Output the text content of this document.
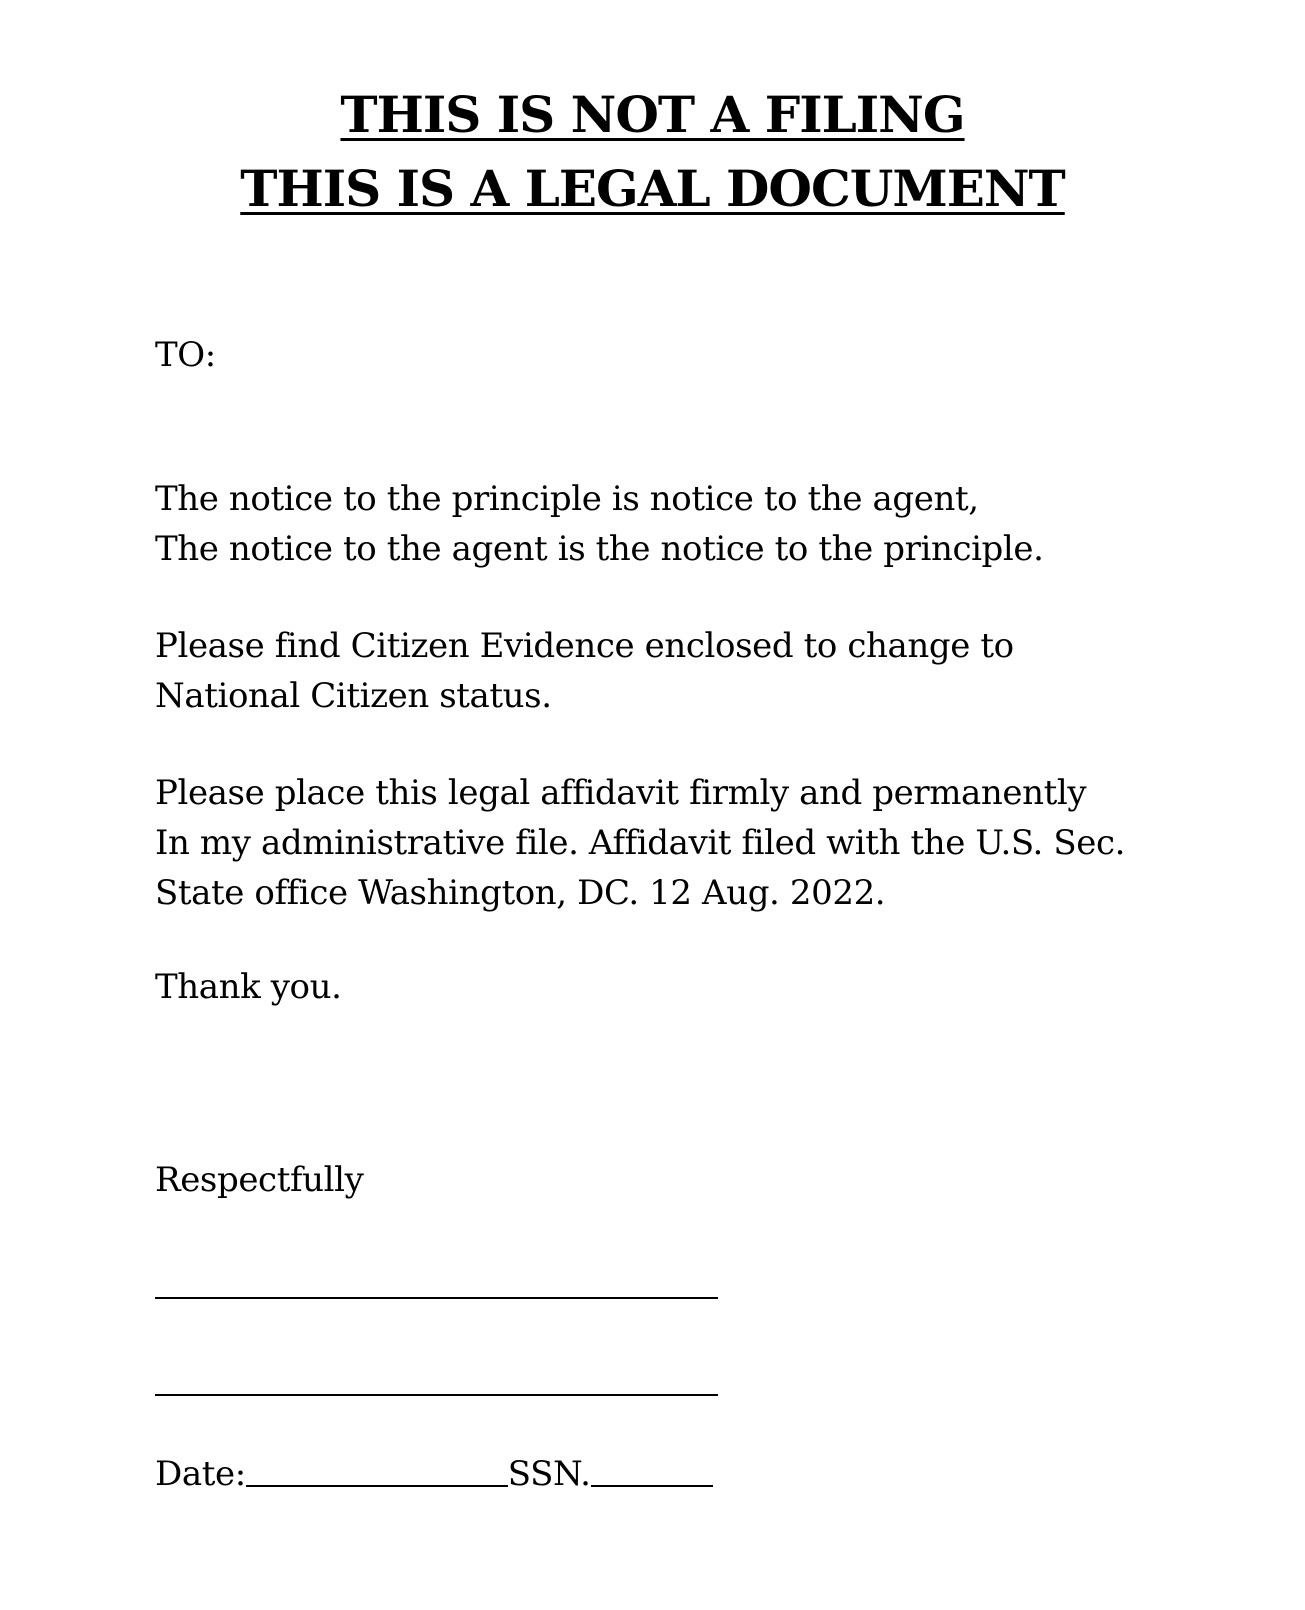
THIS IS NOT A FILING
THIS IS A LEGAL DOCUMENT
TO:
The notice to the principle is notice to the agent,
The notice to the agent is the notice to the principle.
Please find Citizen Evidence enclosed to change to
National Citizen status.
Please place this legal affidavit firmly and permanently
In my administrative file. Affidavit filed with the U.S. Sec.
State office Washington, DC. 12 Aug. 2022.
Thank you.
Respectfully
Date:	SSN.
